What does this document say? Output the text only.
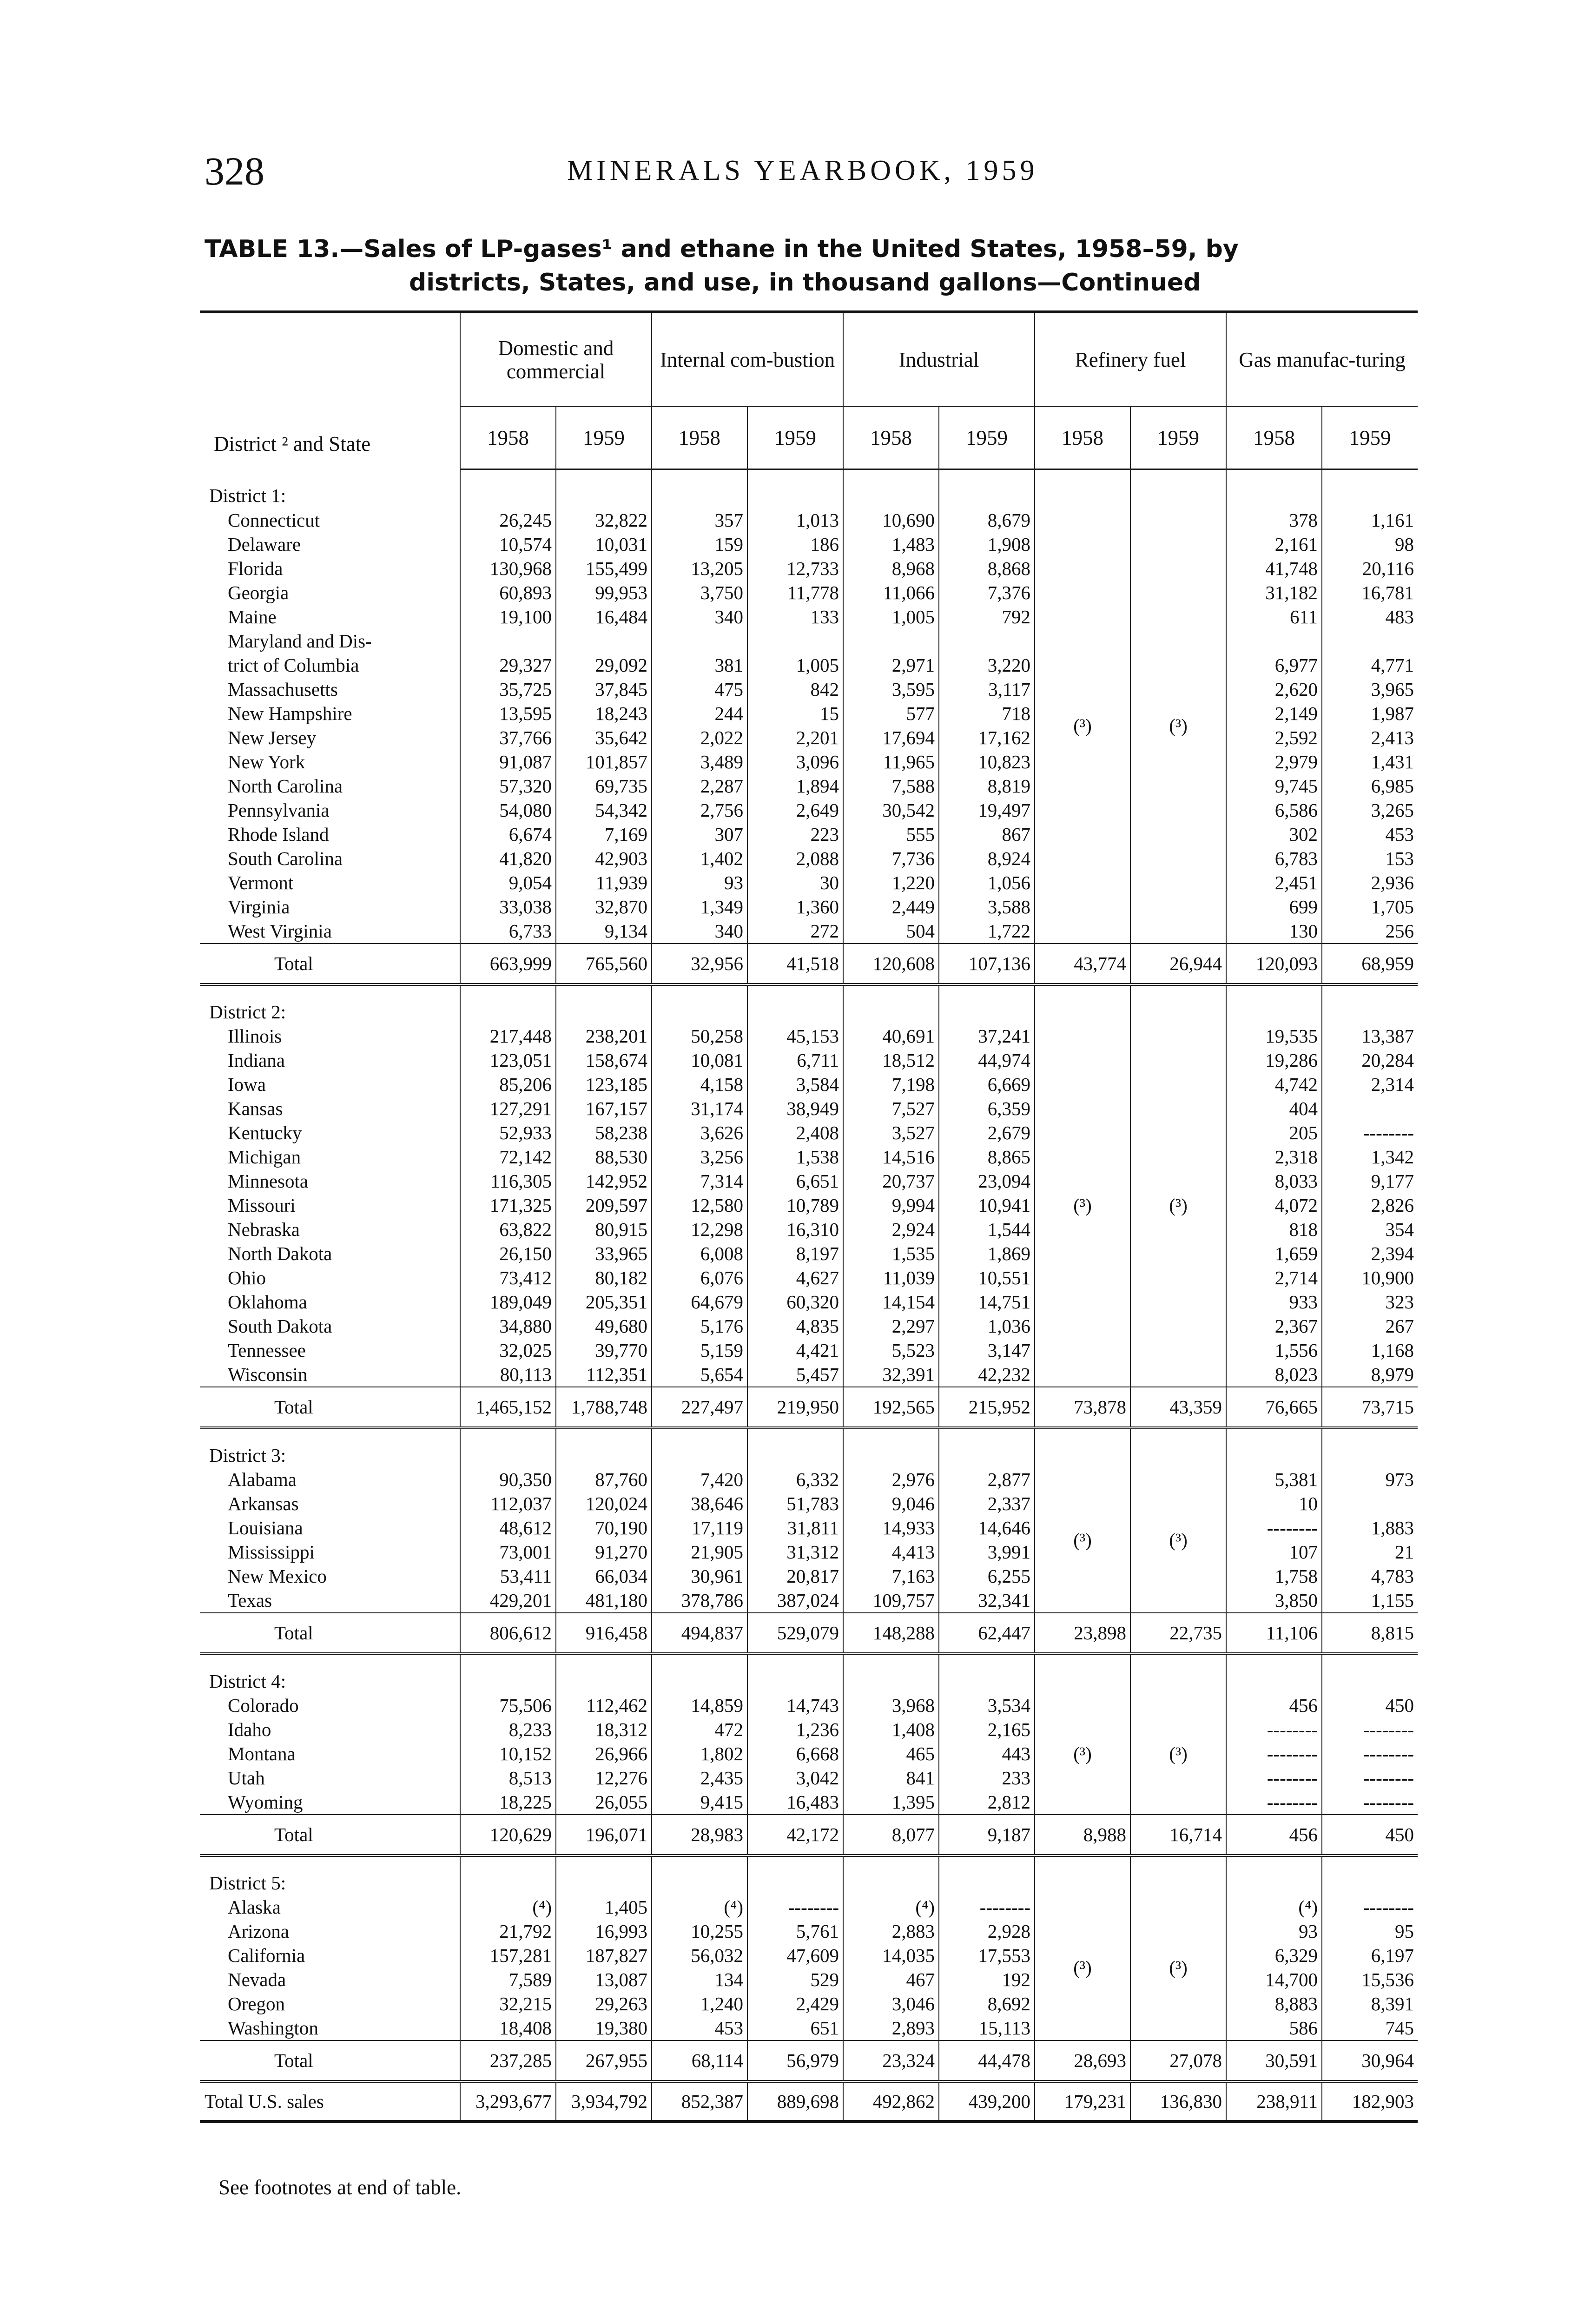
328	MINERALS YEARBOOK, 1959
TABLE 13.—Sales of LP-gases¹ and ethane in the United States, 1958–59, by
districts, States, and use, in thousand gallons—Continued
District ² and State	Domestic and commercial		Internal com-bustion		Industrial		Refinery fuel		Gas manufac-turing	
	1958	1959	1958	1959	1958	1959	1958	1959	1958	1959
District 1:										
Connecticut	26,245	32,822	357	1,013	10,690	8,679	(³)	(³)	378	1,161
Delaware	10,574	10,031	159	186	1,483	1,908			2,161	98
Florida	130,968	155,499	13,205	12,733	8,968	8,868			41,748	20,116
Georgia	60,893	99,953	3,750	11,778	11,066	7,376			31,182	16,781
Maine	19,100	16,484	340	133	1,005	792			611	483
Maryland and Dis-										
trict of Columbia	29,327	29,092	381	1,005	2,971	3,220			6,977	4,771
Massachusetts	35,725	37,845	475	842	3,595	3,117			2,620	3,965
New Hampshire	13,595	18,243	244	15	577	718			2,149	1,987
New Jersey	37,766	35,642	2,022	2,201	17,694	17,162			2,592	2,413
New York	91,087	101,857	3,489	3,096	11,965	10,823			2,979	1,431
North Carolina	57,320	69,735	2,287	1,894	7,588	8,819			9,745	6,985
Pennsylvania	54,080	54,342	2,756	2,649	30,542	19,497			6,586	3,265
Rhode Island	6,674	7,169	307	223	555	867			302	453
South Carolina	41,820	42,903	1,402	2,088	7,736	8,924			6,783	153
Vermont	9,054	11,939	93	30	1,220	1,056			2,451	2,936
Virginia	33,038	32,870	1,349	1,360	2,449	3,588			699	1,705
West Virginia	6,733	9,134	340	272	504	1,722			130	256
Total	663,999	765,560	32,956	41,518	120,608	107,136	43,774	26,944	120,093	68,959
District 2:										
Illinois	217,448	238,201	50,258	45,153	40,691	37,241	(³)	(³)	19,535	13,387
Indiana	123,051	158,674	10,081	6,711	18,512	44,974			19,286	20,284
Iowa	85,206	123,185	4,158	3,584	7,198	6,669			4,742	2,314
Kansas	127,291	167,157	31,174	38,949	7,527	6,359			404	
Kentucky	52,933	58,238	3,626	2,408	3,527	2,679			205	--------
Michigan	72,142	88,530	3,256	1,538	14,516	8,865			2,318	1,342
Minnesota	116,305	142,952	7,314	6,651	20,737	23,094			8,033	9,177
Missouri	171,325	209,597	12,580	10,789	9,994	10,941			4,072	2,826
Nebraska	63,822	80,915	12,298	16,310	2,924	1,544			818	354
North Dakota	26,150	33,965	6,008	8,197	1,535	1,869			1,659	2,394
Ohio	73,412	80,182	6,076	4,627	11,039	10,551			2,714	10,900
Oklahoma	189,049	205,351	64,679	60,320	14,154	14,751			933	323
South Dakota	34,880	49,680	5,176	4,835	2,297	1,036			2,367	267
Tennessee	32,025	39,770	5,159	4,421	5,523	3,147			1,556	1,168
Wisconsin	80,113	112,351	5,654	5,457	32,391	42,232			8,023	8,979
Total	1,465,152	1,788,748	227,497	219,950	192,565	215,952	73,878	43,359	76,665	73,715
District 3:										
Alabama	90,350	87,760	7,420	6,332	2,976	2,877	(³)	(³)	5,381	973
Arkansas	112,037	120,024	38,646	51,783	9,046	2,337			10	
Louisiana	48,612	70,190	17,119	31,811	14,933	14,646			--------	1,883
Mississippi	73,001	91,270	21,905	31,312	4,413	3,991			107	21
New Mexico	53,411	66,034	30,961	20,817	7,163	6,255			1,758	4,783
Texas	429,201	481,180	378,786	387,024	109,757	32,341			3,850	1,155
Total	806,612	916,458	494,837	529,079	148,288	62,447	23,898	22,735	11,106	8,815
District 4:										
Colorado	75,506	112,462	14,859	14,743	3,968	3,534	(³)	(³)	456	450
Idaho	8,233	18,312	472	1,236	1,408	2,165			--------	--------
Montana	10,152	26,966	1,802	6,668	465	443			--------	--------
Utah	8,513	12,276	2,435	3,042	841	233			--------	--------
Wyoming	18,225	26,055	9,415	16,483	1,395	2,812			--------	--------
Total	120,629	196,071	28,983	42,172	8,077	9,187	8,988	16,714	456	450
District 5:										
Alaska	(⁴)	1,405	(⁴)	--------	(⁴)	--------	(³)	(³)	(⁴)	--------
Arizona	21,792	16,993	10,255	5,761	2,883	2,928			93	95
California	157,281	187,827	56,032	47,609	14,035	17,553			6,329	6,197
Nevada	7,589	13,087	134	529	467	192			14,700	15,536
Oregon	32,215	29,263	1,240	2,429	3,046	8,692			8,883	8,391
Washington	18,408	19,380	453	651	2,893	15,113			586	745
Total	237,285	267,955	68,114	56,979	23,324	44,478	28,693	27,078	30,591	30,964
Total U.S. sales	3,293,677	3,934,792	852,387	889,698	492,862	439,200	179,231	136,830	238,911	182,903
See footnotes at end of table.
